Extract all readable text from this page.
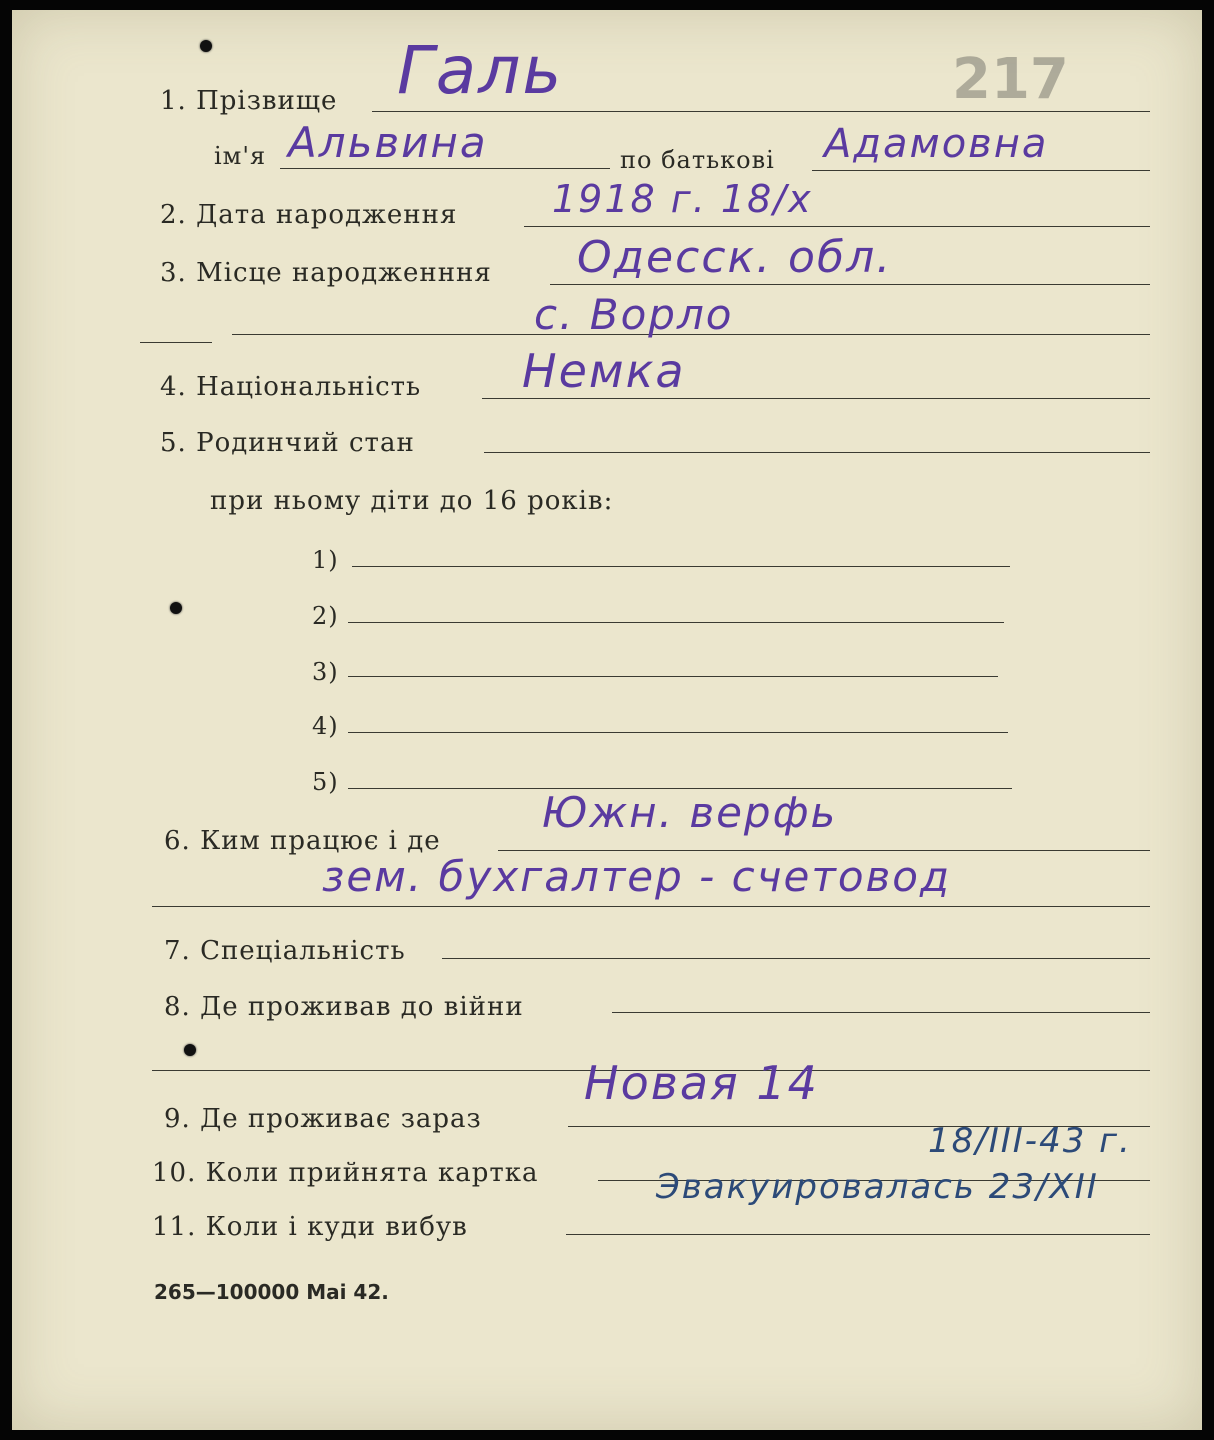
217
1. Прізвище Галь
ім'я Альвина	по батькові Адамовна
2. Дата народження 1918 г. 18/х
3. Місце народженння Одесск. обл.
с. Ворло
4. Національність Немка
5. Родинчий стан
при ньому діти до 16 років:
1)
2)
3)
4)
5)
6. Ким працює і де
Южн. верфь
зем. бухгалтер - счетовод
7. Спеціальність
8. Де проживав до війни
9. Де проживає зараз
Новая 14
10. Коли прийнята картка
18/III-43 г.
11. Коли і куди вибув
Эвакуировалась 23/XII
265—100000 Маі 42.
